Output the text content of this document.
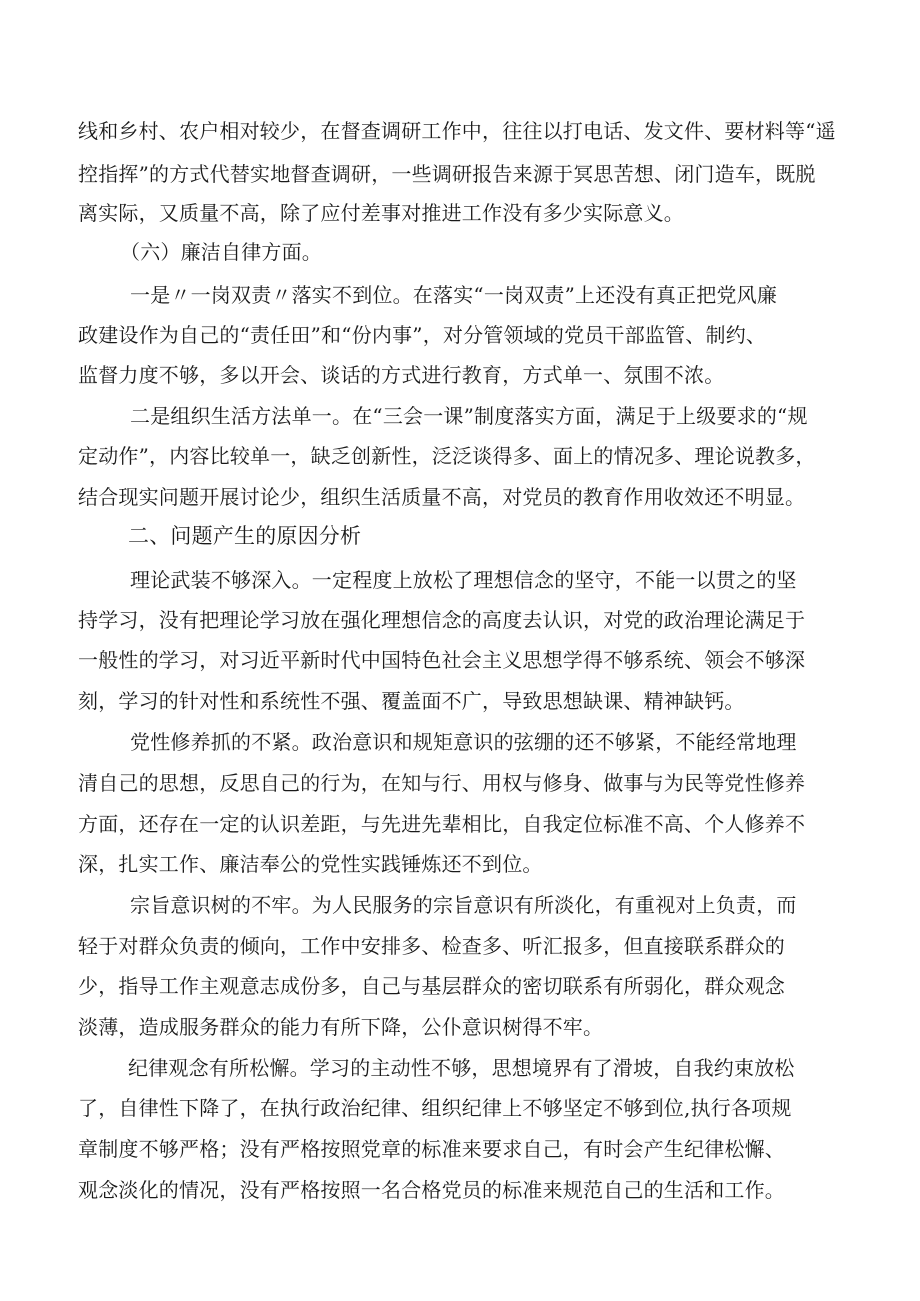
线和乡村、农户相对较少，在督查调研工作中，往往以打电话、发文件、要材料等“遥
控指挥”的方式代替实地督查调研，一些调研报告来源于冥思苦想、闭门造车，既脱
离实际，又质量不高，除了应付差事对推进工作没有多少实际意义。
（六）廉洁自律方面。
一是〃一岗双责〃落实不到位。在落实“一岗双责”上还没有真正把党风廉
政建设作为自己的“责任田”和“份内事”，对分管领域的党员干部监管、制约、
监督力度不够，多以开会、谈话的方式进行教育，方式单一、氛围不浓。
二是组织生活方法单一。在“三会一课”制度落实方面，满足于上级要求的“规
定动作”，内容比较单一，缺乏创新性，泛泛谈得多、面上的情况多、理论说教多，
结合现实问题开展讨论少，组织生活质量不高，对党员的教育作用收效还不明显。
二、问题产生的原因分析
理论武装不够深入。一定程度上放松了理想信念的坚守，不能一以贯之的坚
持学习，没有把理论学习放在强化理想信念的高度去认识，对党的政治理论满足于
一般性的学习，对习近平新时代中国特色社会主义思想学得不够系统、领会不够深
刻，学习的针对性和系统性不强、覆盖面不广，导致思想缺课、精神缺钙。
党性修养抓的不紧。政治意识和规矩意识的弦绷的还不够紧，不能经常地理
清自己的思想，反思自己的行为，在知与行、用权与修身、做事与为民等党性修养
方面，还存在一定的认识差距，与先进先辈相比，自我定位标准不高、个人修养不
深，扎实工作、廉洁奉公的党性实践锤炼还不到位。
宗旨意识树的不牢。为人民服务的宗旨意识有所淡化，有重视对上负责，而
轻于对群众负责的倾向，工作中安排多、检查多、听汇报多，但直接联系群众的
少，指导工作主观意志成份多，自己与基层群众的密切联系有所弱化，群众观念
淡薄，造成服务群众的能力有所下降，公仆意识树得不牢。
纪律观念有所松懈。学习的主动性不够，思想境界有了滑坡，自我约束放松
了，自律性下降了，在执行政治纪律、组织纪律上不够坚定不够到位,执行各项规
章制度不够严格；没有严格按照党章的标准来要求自己，有时会产生纪律松懈、
观念淡化的情况，没有严格按照一名合格党员的标准来规范自己的生活和工作。
